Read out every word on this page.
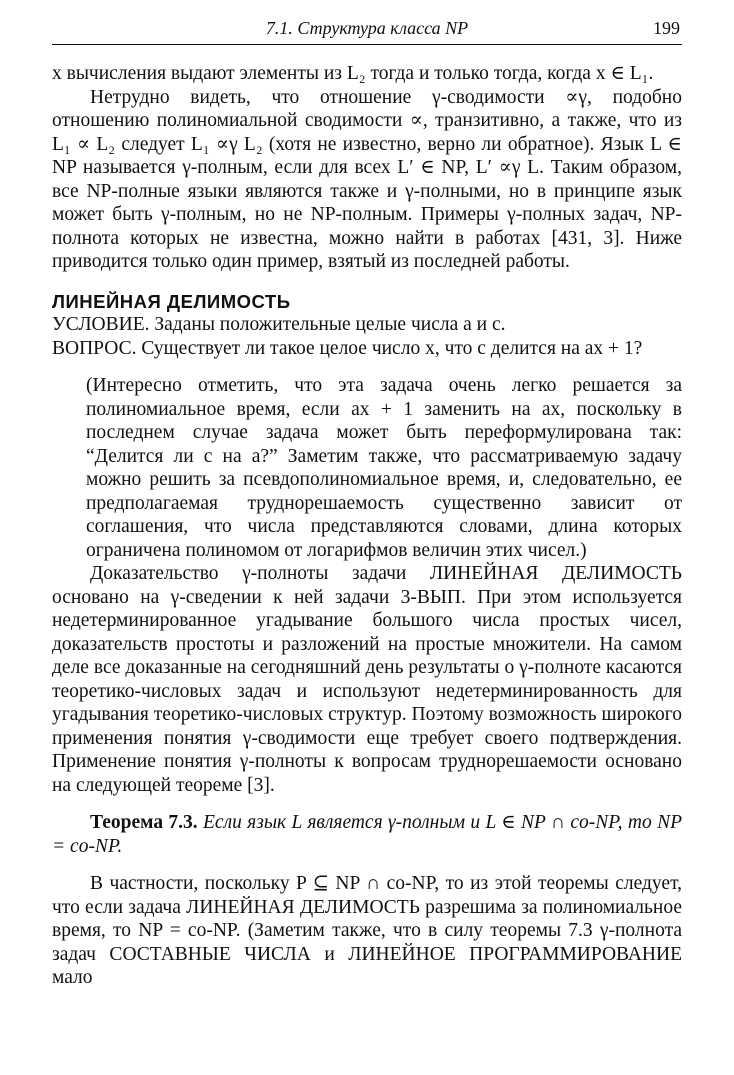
7.1. Структура класса NP	199

x вычисления выдают элементы из L₂ тогда и только тогда, когда x ∈ L₁.

Нетрудно видеть, что отношение γ-сводимости ∝γ, подобно отношению полиномиальной сводимости ∝, транзитивно, а также, что из L₁ ∝ L₂ следует L₁ ∝γ L₂ (хотя не известно, верно ли обратное). Язык L ∈ NP называется γ-полным, если для всех L′ ∈ NP, L′ ∝γ L. Таким образом, все NP-полные языки являются также и γ-полными, но в принципе язык может быть γ-полным, но не NP-полным. Примеры γ-полных задач, NP-полнота которых не известна, можно найти в работах [431, 3]. Ниже приводится только один пример, взятый из последней работы.

ЛИНЕЙНАЯ ДЕЛИМОСТЬ

УСЛОВИЕ. Заданы положительные целые числа a и c.

ВОПРОС. Существует ли такое целое число x, что c делится на ax + 1?

(Интересно отметить, что эта задача очень легко решается за полиномиальное время, если ax + 1 заменить на ax, поскольку в последнем случае задача может быть переформулирована так: “Делится ли c на a?” Заметим также, что рассматриваемую задачу можно решить за псевдополиномиальное время, и, следовательно, ее предполагаемая труднорешаемость существенно зависит от соглашения, что числа представляются словами, длина которых ограничена полиномом от логарифмов величин этих чисел.)

Доказательство γ-полноты задачи ЛИНЕЙНАЯ ДЕЛИМОСТЬ основано на γ-сведении к ней задачи 3-ВЫП. При этом используется недетерминированное угадывание большого числа простых чисел, доказательств простоты и разложений на простые множители. На самом деле все доказанные на сегодняшний день результаты о γ-полноте касаются теоретико-числовых задач и используют недетерминированность для угадывания теоретико-числовых структур. Поэтому возможность широкого применения понятия γ-сводимости еще требует своего подтверждения. Применение понятия γ-полноты к вопросам труднорешаемости основано на следующей теореме [3].

Теорема 7.3. Если язык L является γ-полным и L ∈ NP ∩ co-NP, то NP = co-NP.

В частности, поскольку P ⊆ NP ∩ co-NP, то из этой теоремы следует, что если задача ЛИНЕЙНАЯ ДЕЛИМОСТЬ разрешима за полиномиальное время, то NP = co-NP. (Заметим также, что в силу теоремы 7.3 γ-полнота задач СОСТАВНЫЕ ЧИСЛА и ЛИНЕЙНОЕ ПРОГРАММИРОВАНИЕ мало
